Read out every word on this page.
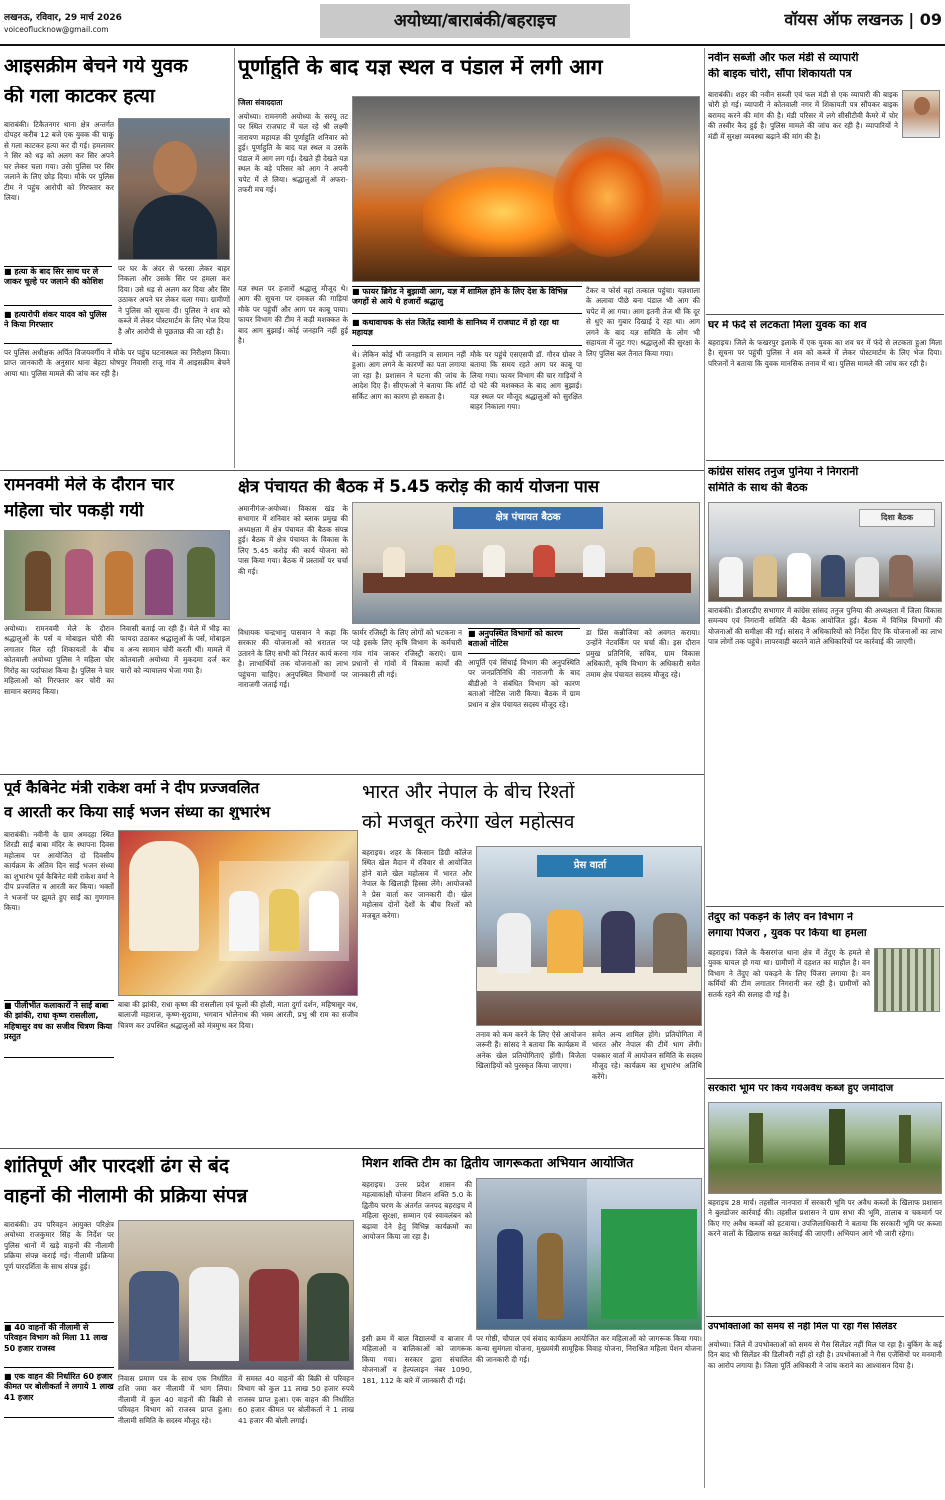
लखनऊ, रविवार, 29 मार्च 2026
voiceoflucknow@gmail.com	अयोध्या/बाराबंकी/बहराइच	वॉयस ऑफ लखनऊ | 09
आइसक्रीम बेचने गये युवक
की गला काटकर हत्या
बाराबंकी। टिकैतनगर थाना क्षेत्र अन्तर्गत दोपहर करीब 12 बजे एक युवक की चाकू से गला काटकर हत्या कर दी गई। हमलावर ने सिर को धड़ को अलग कर सिर अपने घर लेकर चला गया। उसेा पुलिस पर सिर जलाने के लिए छोड़ दिया। मौके पर पुलिस टीम ने पहुंच आरोपी को गिरफ्तार कर लिया।
■ हत्या के बाद सिर साथ घर ले जाकर चूल्हे पर जलाने की कोशिश
■ हत्यारोपी शंकर यादव को पुलिस ने किया गिरफ्तार
पर घर के अंदर से फरसा लेकर बाहर निकला और उसके सिर पर हमला कर दिया। उसे धड़ से अलग कर दिया और सिर उठाकर अपने घर लेकर चला गया। ग्रामीणों ने पुलिस को सूचना दी। पुलिस ने शव को कब्जे में लेकर पोस्टमार्टम के लिए भेज दिया है और आरोपी से पूछताछ की जा रही है।
पर पुलिस अधीक्षक अर्पित विजयवर्गीय ने मौके पर पहुंच घटनास्थल का निरीक्षण किया। प्राप्त जानकारी के अनुसार थाना बेहटा घोषपुर निवासी राजू गांव में आइसक्रीम बेचने आया था। पुलिस मामले की जांच कर रही है।
पूर्णाहुति के बाद यज्ञ स्थल व पंडाल में लगी आग
जिला संवाददाता
अयोध्या। रामनगरी अयोध्या के सरयू तट पर स्थित राजघाट में चल रहे श्री लक्ष्मी नारायण महायज्ञ की पूर्णाहुति शनिवार को हुई। पूर्णाहुति के बाद यज्ञ स्थल व उसके पंडाल में आग लग गई। देखते ही देखते यज्ञ स्थल के बड़े परिसर को आग ने अपनी चपेट में ले लिया। श्रद्धालुओं में अफरा-तफरी मच गई।
यज्ञ स्थल पर हजारों श्रद्धालु मौजूद थे। आग की सूचना पर दमकल की गाड़ियां मौके पर पहुंचीं और आग पर काबू पाया। फायर विभाग की टीम ने कड़ी मशक्कत के बाद आग बुझाई। कोई जनहानि नहीं हुई है।
■ फायर ब्रिगेड ने बुझायी आग, यज्ञ में शामिल होने के लिए देश के विभिन्न जगहों से आये थे हजारों श्रद्धालु
■ कथावाचक के संत जितेंद्र स्वामी के सानिध्य में राजघाट में हो रहा था महायज्ञ
थे। लेकिन कोई भी जनहानि व सामान नहीं हुआ। आग लगने के कारणों का पता लगाया जा रहा है। प्रशासन ने घटना की जांच के आदेश दिए हैं। सीएफओ ने बताया कि शॉर्ट सर्किट आग का कारण हो सकता है।
मौके पर पहुंचे एसएसपी डॉ. गौरव ग्रोवर ने बताया कि समय रहते आग पर काबू पा लिया गया। फायर विभाग की चार गाड़ियों ने दो घंटे की मशक्कत के बाद आग बुझाई। यज्ञ स्थल पर मौजूद श्रद्धालुओं को सुरक्षित बाहर निकाला गया।
टैंकर व फोर्स वहां तत्काल पहुंचा। यज्ञशाला के अलावा पीछे बना पंडाल भी आग की चपेट में आ गया। आग इतनी तेज थी कि दूर से धुएं का गुबार दिखाई दे रहा था। आग लगने के बाद यज्ञ समिति के लोग भी सहायता में जुट गए। श्रद्धालुओं की सुरक्षा के लिए पुलिस बल तैनात किया गया।
रामनवमी मेले के दौरान चार
महिला चोर पकड़ी गयी
अयोध्या। रामनवमी मेले के दौरान श्रद्धालुओं के पर्स व मोबाइल चोरी की लगातार मिल रही शिकायतों के बीच कोतवाली अयोध्या पुलिस ने महिला चोर गिरोह का पर्दाफाश किया है। पुलिस ने चार महिलाओं को गिरफ्तार कर चोरी का सामान बरामद किया।
निवासी बताई जा रही हैं। मेले में भीड़ का फायदा उठाकर श्रद्धालुओं के पर्स, मोबाइल व अन्य सामान चोरी करती थीं। मामले में कोतवाली अयोध्या में मुकदमा दर्ज कर चारों को न्यायालय भेजा गया है।
क्षेत्र पंचायत की बैठक में 5.45 करोड़ की कार्य योजना पास
अमानीगंज-अयोध्या। विकास खंड के सभागार में शनिवार को ब्लाक प्रमुख की अध्यक्षता में क्षेत्र पंचायत की बैठक संपन्न हुई। बैठक में क्षेत्र पंचायत के विकास के लिए 5.45 करोड़ की कार्य योजना को पास किया गया। बैठक में प्रस्तावों पर चर्चा की गई।
क्षेत्र पंचायत बैठक
विधायक चन्द्रभानु पासवान ने कहा कि सरकार की योजनाओं को धरातल पर उतारने के लिए सभी को निरंतर कार्य करना है। लाभार्थियों तक योजनाओं का लाभ पहुंचना चाहिए। अनुपस्थित विभागों पर नाराजगी जताई गई।
फार्मर रजिस्ट्री के लिए लोगों को भटकना न पड़े इसके लिए कृषि विभाग के कर्मचारी गांव गांव जाकर रजिस्ट्री कराएं। ग्राम प्रधानों से गांवों में विकास कार्यों की जानकारी ली गई।
■ अनुपस्थित विभागों को कारण बताओ नोटिस
आपूर्ति एवं सिंचाई विभाग की अनुपस्थिति पर जनप्रतिनिधि की नाराजगी के बाद बीडीओ ने संबंधित विभाग को कारण बताओ नोटिस जारी किया। बैठक में ग्राम प्रधान व क्षेत्र पंचायत सदस्य मौजूद रहे।
डा प्रिंस कन्नौजिया को अवगत कराया। उन्होंने नेटवर्किंग पर चर्चा की। इस दौरान प्रमुख प्रतिनिधि, सचिव, ग्राम विकास अधिकारी, कृषि विभाग के अधिकारी समेत तमाम क्षेत्र पंचायत सदस्य मौजूद रहे।
पूर्व कैबिनेट मंत्री राकेश वर्मा ने दीप प्रज्जवलित
व आरती कर किया साई भजन संध्या का शुभारंभ
बाराबंकी। नवीनी के ग्राम अमदहा स्थित शिरडी साईं बाबा मंदिर के स्थापना दिवस महोत्सव पर आयोजित दो दिवसीय कार्यक्रम के अंतिम दिन साईं भजन संध्या का शुभारंभ पूर्व कैबिनेट मंत्री राकेश वर्मा ने दीप प्रज्वलित व आरती कर किया। भक्तों ने भजनों पर झूमते हुए साईं का गुणगान किया।
■ पीलीभीत कलाकारों ने साईं बाबा की झांकी, राधा कृष्ण रासलीला, महिषासुर वध का सजीव चित्रण किया प्रस्तुत
बाबा की झांकी, राधा कृष्ण की रासलीला एवं फूलों की होली, माता दुर्गा दर्शन, महिषासुर वध, बालाजी महाराज, कृष्ण-सुदामा, भगवान भोलेनाथ की भस्म आरती, प्रभु श्री राम का सजीव चित्रण कर उपस्थित श्रद्धालुओं को मंत्रमुग्ध कर दिया।
भारत और नेपाल के बीच रिश्तों
को मजबूत करेगा खेल महोत्सव
बहराइच। शहर के किसान डिग्री कॉलेज स्थित खेल मैदान में रविवार से आयोजित होने वाले खेल महोत्सव में भारत और नेपाल के खिलाड़ी हिस्सा लेंगे। आयोजकों ने प्रेस वार्ता कर जानकारी दी। खेल महोत्सव दोनों देशों के बीच रिश्तों को मजबूत करेगा।
प्रेस वार्ता
तनाव को कम करने के लिए ऐसे आयोजन जरूरी हैं। सांसद ने बताया कि कार्यक्रम में अनेक खेल प्रतियोगिताएं होंगी। विजेता खिलाड़ियों को पुरस्कृत किया जाएगा।
समेत अन्य शामिल होंगे। प्रतियोगिता में भारत और नेपाल की टीमें भाग लेंगी। पत्रकार वार्ता में आयोजन समिति के सदस्य मौजूद रहे। कार्यक्रम का शुभारंभ अतिथि करेंगे।
शांतिपूर्ण और पारदर्शी ढंग से बंद
वाहनों की नीलामी की प्रक्रिया संपन्न
बाराबंकी। उप परिवहन आयुक्त परिक्षेत्र अयोध्या राजकुमार सिंह के निर्देश पर पुलिस थानों में खड़े वाहनों की नीलामी प्रक्रिया संपन्न कराई गई। नीलामी प्रक्रिया पूर्ण पारदर्शिता के साथ संपन्न हुई।
■ 40 वाहनों की नीलामी से परिवहन विभाग को मिला 11 लाख 50 हजार राजस्व
■ एक वाहन की निर्धारित 60 हजार कीमत पर बोलीकर्ता ने लगाये 1 लाख 41 हजार
निवास प्रमाण पत्र के साथ एक निर्धारित राशि जमा कर नीलामी में भाग लिया। नीलामी में कुल 40 वाहनों की बिक्री से परिवहन विभाग को राजस्व प्राप्त हुआ। नीलामी समिति के सदस्य मौजूद रहे।
में समस्त 40 वाहनों की बिक्री से परिवहन विभाग को कुल 11 लाख 50 हजार रुपये राजस्व प्राप्त हुआ। एक वाहन की निर्धारित 60 हजार कीमत पर बोलीकर्ता ने 1 लाख 41 हजार की बोली लगाई।
मिशन शक्ति टीम का द्वितीय जागरूकता अभियान आयोजित
बहराइच। उत्तर प्रदेश शासन की महत्वाकांक्षी योजना मिशन शक्ति 5.0 के द्वितीय चरण के अंतर्गत जनपद बहराइच में महिला सुरक्षा, सम्मान एवं स्वावलंबन को बढ़ावा देने हेतु विभिन्न कार्यक्रमों का आयोजन किया जा रहा है।
इसी क्रम में बाल विद्यालयों व बाजार में महिलाओं व बालिकाओं को जागरूक किया गया। सरकार द्वारा संचालित योजनाओं व हेल्पलाइन नंबर 1090, 181, 112 के बारे में जानकारी दी गई।
पर गोष्ठी, चौपाल एवं संवाद कार्यक्रम आयोजित कर महिलाओं को जागरूक किया गया। कन्या सुमंगला योजना, मुख्यमंत्री सामूहिक विवाह योजना, निराश्रित महिला पेंशन योजना की जानकारी दी गई।
नवीन सब्जी और फल मंडी से व्यापारी
की बाइक चोरी, सौंपा शिकायती पत्र
बाराबंकी। शहर की नवीन सब्जी एवं फल मंडी से एक व्यापारी की बाइक चोरी हो गई। व्यापारी ने कोतवाली नगर में शिकायती पत्र सौंपकर बाइक बरामद करने की मांग की है। मंडी परिसर में लगे सीसीटीवी कैमरे में चोर की तस्वीर कैद हुई है। पुलिस मामले की जांच कर रही है। व्यापारियों ने मंडी में सुरक्षा व्यवस्था बढ़ाने की मांग की है।
घर में फंदे से लटकता मिला युवक का शव
बहराइच। जिले के फखरपुर इलाके में एक युवक का शव घर में फंदे से लटकता हुआ मिला है। सूचना पर पहुंची पुलिस ने शव को कब्जे में लेकर पोस्टमार्टम के लिए भेज दिया। परिजनों ने बताया कि युवक मानसिक तनाव में था। पुलिस मामले की जांच कर रही है।
कांग्रेस सांसद तनुज पुनिया ने निगरानी
समिति के साथ की बैठक
दिशा बैठक
बाराबंकी। डीआरडीए सभागार में कांग्रेस सांसद तनुज पुनिया की अध्यक्षता में जिला विकास समन्वय एवं निगरानी समिति की बैठक आयोजित हुई। बैठक में विभिन्न विभागों की योजनाओं की समीक्षा की गई। सांसद ने अधिकारियों को निर्देश दिए कि योजनाओं का लाभ पात्र लोगों तक पहुंचे। लापरवाही बरतने वाले अधिकारियों पर कार्रवाई की जाएगी।
तेंदुए को पकड़ने के लिए वन विभाग ने
लगाया पिंजरा , युवक पर किया था हमला
बहराइच। जिले के कैसरगंज थाना क्षेत्र में तेंदुए के हमले से युवक घायल हो गया था। ग्रामीणों में दहशत का माहौल है। वन विभाग ने तेंदुए को पकड़ने के लिए पिंजरा लगाया है। वन कर्मियों की टीम लगातार निगरानी कर रही है। ग्रामीणों को सतर्क रहने की सलाह दी गई है।
सरकारी भूमि पर किये गयेअवैध कब्जे हुए जमींदोज
बहराइच 28 मार्च। तहसील नानपारा में सरकारी भूमि पर अवैध कब्जों के खिलाफ प्रशासन ने बुलडोजर कार्रवाई की। तहसील प्रशासन ने ग्राम सभा की भूमि, तालाब व चकमार्ग पर किए गए अवैध कब्जों को हटवाया। उपजिलाधिकारी ने बताया कि सरकारी भूमि पर कब्जा करने वालों के खिलाफ सख्त कार्रवाई की जाएगी। अभियान आगे भी जारी रहेगा।
उपभोक्ताओं को समय से नहीं मिल पा रहा गैस सिलेंडर
अयोध्या। जिले में उपभोक्ताओं को समय से गैस सिलेंडर नहीं मिल पा रहा है। बुकिंग के कई दिन बाद भी सिलेंडर की डिलीवरी नहीं हो रही है। उपभोक्ताओं ने गैस एजेंसियों पर मनमानी का आरोप लगाया है। जिला पूर्ति अधिकारी ने जांच कराने का आश्वासन दिया है।
